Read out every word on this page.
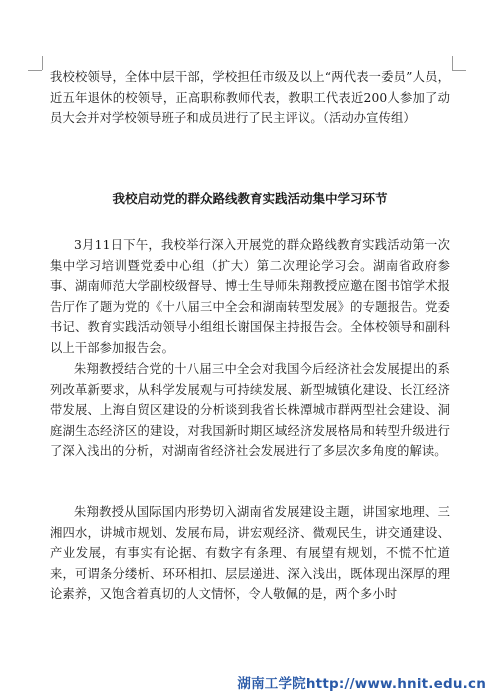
我校校领导，全体中层干部，学校担任市级及以上“两代表一委员”人员，近五年退休的校领导，正高职称教师代表，教职工代表近200人参加了动员大会并对学校领导班子和成员进行了民主评议。（活动办宣传组）
我校启动党的群众路线教育实践活动集中学习环节
3月11日下午，我校举行深入开展党的群众路线教育实践活动第一次集中学习培训暨党委中心组（扩大）第二次理论学习会。湖南省政府参事、湖南师范大学副校级督导、博士生导师朱翔教授应邀在图书馆学术报告厅作了题为党的《十八届三中全会和湖南转型发展》的专题报告。党委书记、教育实践活动领导小组组长谢国保主持报告会。全体校领导和副科以上干部参加报告会。
朱翔教授结合党的十八届三中全会对我国今后经济社会发展提出的系列改革新要求，从科学发展观与可持续发展、新型城镇化建设、长江经济带发展、上海自贸区建设的分析谈到我省长株潭城市群两型社会建设、洞庭湖生态经济区的建设，对我国新时期区域经济发展格局和转型升级进行了深入浅出的分析，对湖南省经济社会发展进行了多层次多角度的解读。
朱翔教授从国际国内形势切入湖南省发展建设主题，讲国家地理、三湘四水，讲城市规划、发展布局，讲宏观经济、微观民生，讲交通建设、产业发展，有事实有论据、有数字有条理、有展望有规划，不慌不忙道来，可谓条分缕析、环环相扣、层层递进、深入浅出，既体现出深厚的理论素养，又饱含着真切的人文情怀，令人敬佩的是，两个多小时
湖南工学院http://www.hnit.edu.cn
